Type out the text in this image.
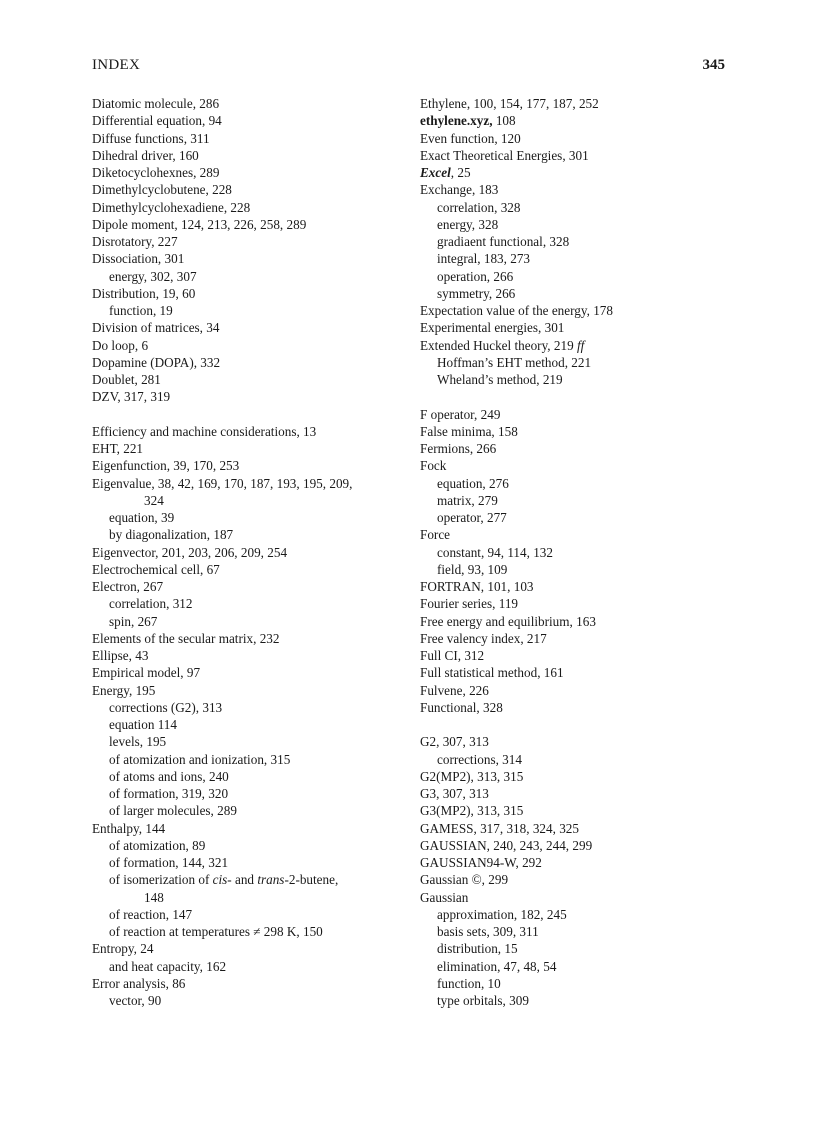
INDEX	345
Diatomic molecule, 286
Differential equation, 94
Diffuse functions, 311
Dihedral driver, 160
Diketocyclohexnes, 289
Dimethylcyclobutene, 228
Dimethylcyclohexadiene, 228
Dipole moment, 124, 213, 226, 258, 289
Disrotatory, 227
Dissociation, 301
energy, 302, 307
Distribution, 19, 60
function, 19
Division of matrices, 34
Do loop, 6
Dopamine (DOPA), 332
Doublet, 281
DZV, 317, 319
Efficiency and machine considerations, 13
EHT, 221
Eigenfunction, 39, 170, 253
Eigenvalue, 38, 42, 169, 170, 187, 193, 195, 209,
324
equation, 39
by diagonalization, 187
Eigenvector, 201, 203, 206, 209, 254
Electrochemical cell, 67
Electron, 267
correlation, 312
spin, 267
Elements of the secular matrix, 232
Ellipse, 43
Empirical model, 97
Energy, 195
corrections (G2), 313
equation 114
levels, 195
of atomization and ionization, 315
of atoms and ions, 240
of formation, 319, 320
of larger molecules, 289
Enthalpy, 144
of atomization, 89
of formation, 144, 321
of isomerization of cis- and trans-2-butene,
148
of reaction, 147
of reaction at temperatures ≠ 298 K, 150
Entropy, 24
and heat capacity, 162
Error analysis, 86
vector, 90
Ethylene, 100, 154, 177, 187, 252
ethylene.xyz, 108
Even function, 120
Exact Theoretical Energies, 301
Excel, 25
Exchange, 183
correlation, 328
energy, 328
gradiaent functional, 328
integral, 183, 273
operation, 266
symmetry, 266
Expectation value of the energy, 178
Experimental energies, 301
Extended Huckel theory, 219 ff
Hoffman’s EHT method, 221
Wheland’s method, 219
F operator, 249
False minima, 158
Fermions, 266
Fock
equation, 276
matrix, 279
operator, 277
Force
constant, 94, 114, 132
field, 93, 109
FORTRAN, 101, 103
Fourier series, 119
Free energy and equilibrium, 163
Free valency index, 217
Full CI, 312
Full statistical method, 161
Fulvene, 226
Functional, 328
G2, 307, 313
corrections, 314
G2(MP2), 313, 315
G3, 307, 313
G3(MP2), 313, 315
GAMESS, 317, 318, 324, 325
GAUSSIAN, 240, 243, 244, 299
GAUSSIAN94-W, 292
Gaussian ©, 299
Gaussian
approximation, 182, 245
basis sets, 309, 311
distribution, 15
elimination, 47, 48, 54
function, 10
type orbitals, 309
